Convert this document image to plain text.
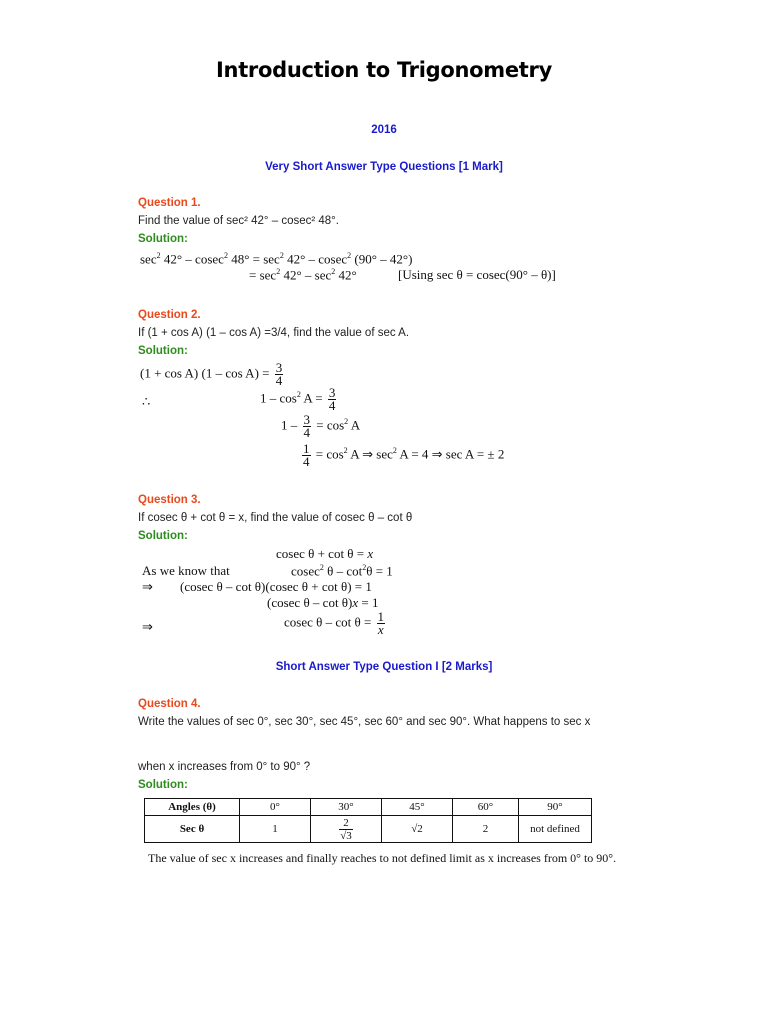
Introduction to Trigonometry
2016
Very Short Answer Type Questions [1 Mark]
Question 1.
Find the value of sec² 42° – cosec² 48°.
Solution:
$\sec^2 42^\circ - cosec^2$ $48^\circ = \sec^2 42^\circ - cosec^2$ (90° – 42°)
= $\sec^2 42^\circ - \sec^2 42^\circ$	[Using sec θ = cosec(90° – θ)]
Question 2.
If (1 + cos A) (1 – cos A) =3/4, find the value of sec A.
Solution:
(1 + cos A) $(1 - \cos A) = \frac{3}{4}$
∴	$1 - \cos^2 A = \frac{3}{4}$
$1 - \frac{3}{4} = \cos^2 A$
$\frac{1}{4} = \cos^2 A$ ⇒ $\sec^2 A = 4$ ⇒ sec A = ± 2
Question 3.
If cosec θ + cot θ = x, find the value of cosec θ – cot θ
Solution:
cosec θ + cot θ = x
As we know that	cosec$^2$ $\theta - \cot^2\theta = 1$
⇒ (cosec θ – cot θ)(cosec θ + cot θ) = 1
(cosec θ – cot θ)x = 1
⇒	cosec $\theta - \cot \theta = \frac{1}{x}$
Short Answer Type Question I [2 Marks]
Question 4.
Write the values of sec 0°, sec 30°, sec 45°, sec 60° and sec 90°. What happens to sec x
when x increases from 0° to 90° ?
Solution:
Angles (θ)	0°	30°	45°	60°	90°
Sec θ	1	$\frac{2}{√3}$	√2	2	not defined
The value of sec x increases and finally reaches to not defined limit as x increases from 0° to 90°.
